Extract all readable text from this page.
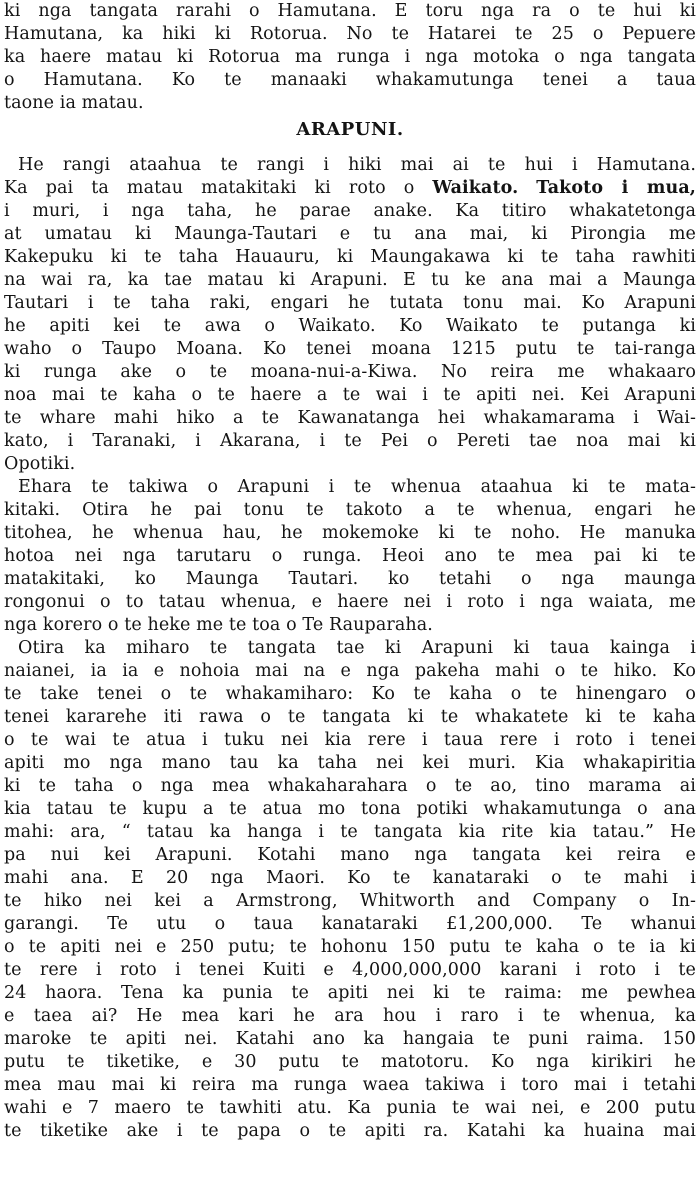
ki nga tangata rarahi o Hamutana. E toru nga ra o te hui ki
Hamutana, ka hiki ki Rotorua. No te Hatarei te 25 o Pepuere
ka haere matau ki Rotorua ma runga i nga motoka o nga tangata
o Hamutana. Ko te manaaki whakamutunga tenei a taua
taone ia matau.
ARAPUNI.
He rangi ataahua te rangi i hiki mai ai te hui i Hamutana.
Ka pai ta matau matakitaki ki roto o Waikato. Takoto i mua,
i muri, i nga taha, he parae anake. Ka titiro whakatetonga
at umatau ki Maunga-Tautari e tu ana mai, ki Pirongia me
Kakepuku ki te taha Hauauru, ki Maungakawa ki te taha rawhiti
na wai ra, ka tae matau ki Arapuni. E tu ke ana mai a Maunga
Tautari i te taha raki, engari he tutata tonu mai. Ko Arapuni
he apiti kei te awa o Waikato. Ko Waikato te putanga ki
waho o Taupo Moana. Ko tenei moana 1215 putu te tai-ranga
ki runga ake o te moana-nui-a-Kiwa. No reira me whakaaro
noa mai te kaha o te haere a te wai i te apiti nei. Kei Arapuni
te whare mahi hiko a te Kawanatanga hei whakamarama i Wai-
kato, i Taranaki, i Akarana, i te Pei o Pereti tae noa mai ki
Opotiki.
Ehara te takiwa o Arapuni i te whenua ataahua ki te mata-
kitaki. Otira he pai tonu te takoto a te whenua, engari he
titohea, he whenua hau, he mokemoke ki te noho. He manuka
hotoa nei nga tarutaru o runga. Heoi ano te mea pai ki te
matakitaki, ko Maunga Tautari. ko tetahi o nga maunga
rongonui o to tatau whenua, e haere nei i roto i nga waiata, me
nga korero o te heke me te toa o Te Rauparaha.
Otira ka miharo te tangata tae ki Arapuni ki taua kainga i
naianei, ia ia e nohoia mai na e nga pakeha mahi o te hiko. Ko
te take tenei o te whakamiharo: Ko te kaha o te hinengaro o
tenei kararehe iti rawa o te tangata ki te whakatete ki te kaha
o te wai te atua i tuku nei kia rere i taua rere i roto i tenei
apiti mo nga mano tau ka taha nei kei muri. Kia whakapiritia
ki te taha o nga mea whakaharahara o te ao, tino marama ai
kia tatau te kupu a te atua mo tona potiki whakamutunga o ana
mahi: ara, “ tatau ka hanga i te tangata kia rite kia tatau.” He
pa nui kei Arapuni. Kotahi mano nga tangata kei reira e
mahi ana. E 20 nga Maori. Ko te kanataraki o te mahi i
te hiko nei kei a Armstrong, Whitworth and Company o In-
garangi. Te utu o taua kanataraki £1,200,000. Te whanui
o te apiti nei e 250 putu; te hohonu 150 putu te kaha o te ia ki
te rere i roto i tenei Kuiti e 4,000,000,000 karani i roto i te
24 haora. Tena ka punia te apiti nei ki te raima: me pewhea
e taea ai? He mea kari he ara hou i raro i te whenua, ka
maroke te apiti nei. Katahi ano ka hangaia te puni raima. 150
putu te tiketike, e 30 putu te matotoru. Ko nga kirikiri he
mea mau mai ki reira ma runga waea takiwa i toro mai i tetahi
wahi e 7 maero te tawhiti atu. Ka punia te wai nei, e 200 putu
te tiketike ake i te papa o te apiti ra. Katahi ka huaina mai
